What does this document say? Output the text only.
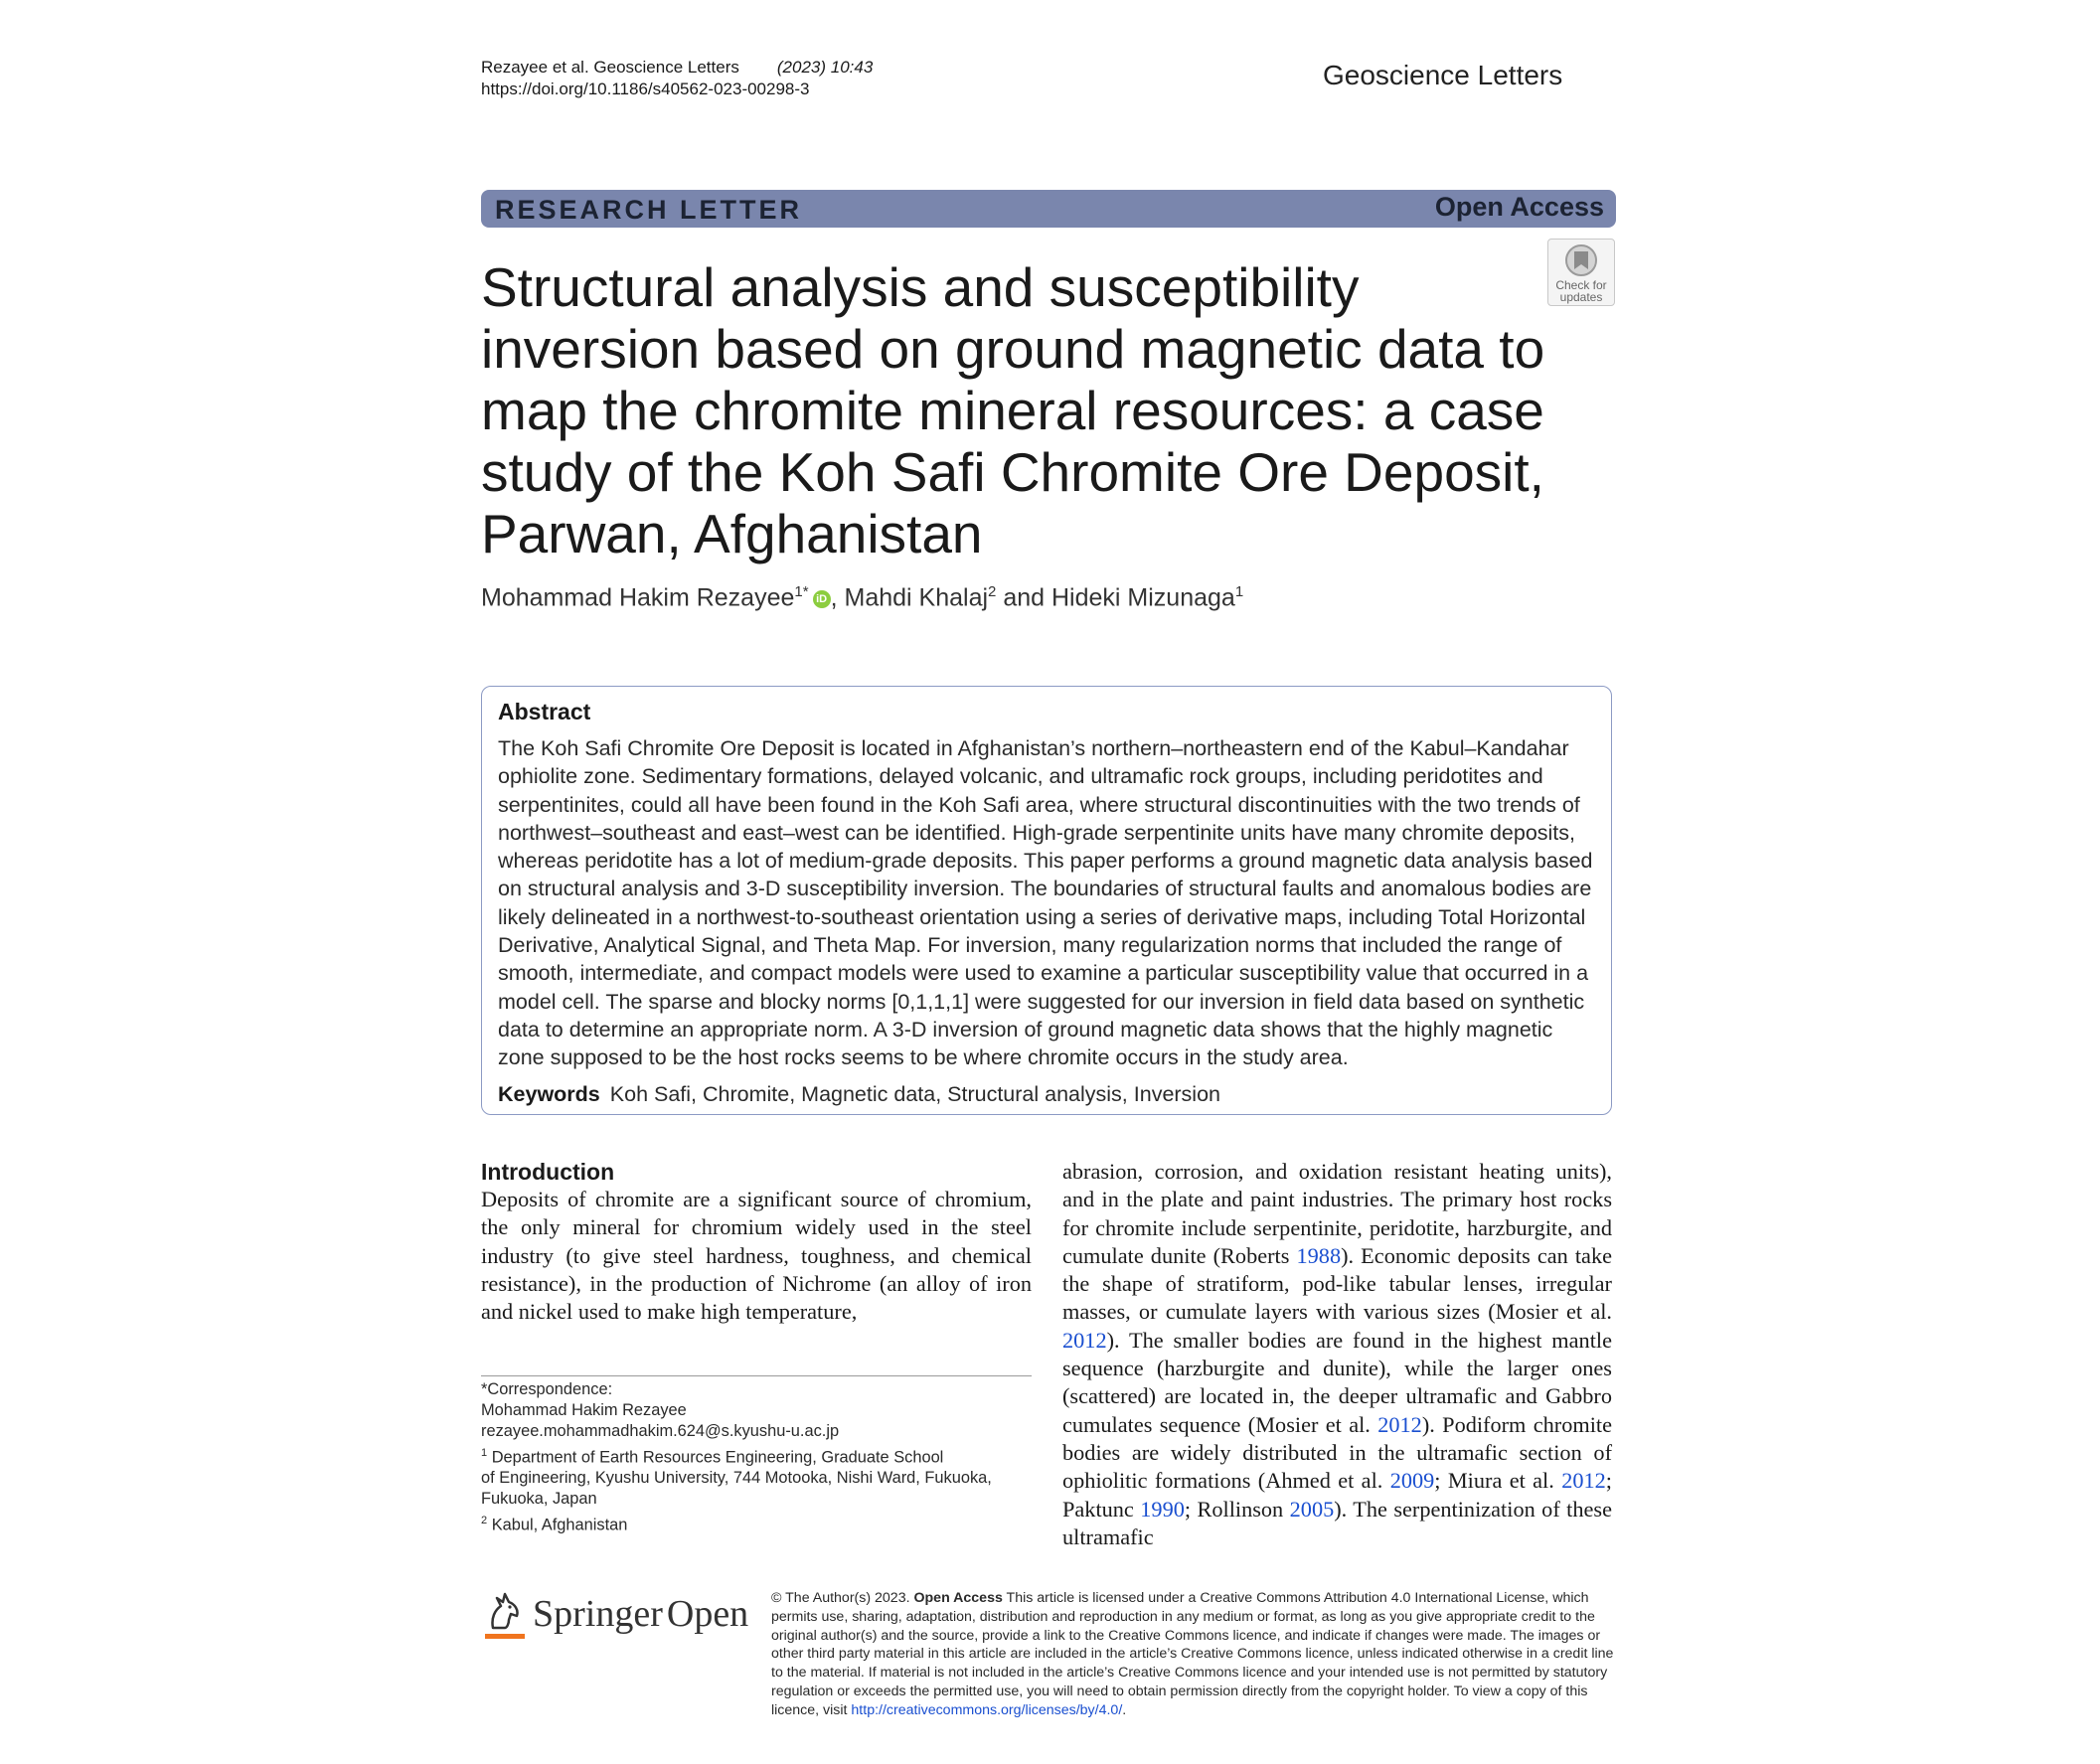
Rezayee et al. Geoscience Letters (2023) 10:43
https://doi.org/10.1186/s40562-023-00298-3	Geoscience Letters
RESEARCH LETTER	Open Access
Check for
updates
Structural analysis and susceptibility inversion based on ground magnetic data to map the chromite mineral resources: a case study of the Koh Safi Chromite Ore Deposit, Parwan, Afghanistan
Mohammad Hakim Rezayee$^{1*}$ iD , Mahdi Khalaj$^2$ and Hideki Mizunaga$^1$
Abstract

The Koh Safi Chromite Ore Deposit is located in Afghanistan’s northern–northeastern end of the Kabul–Kandahar ophiolite zone. Sedimentary formations, delayed volcanic, and ultramafic rock groups, including peridotites and serpentinites, could all have been found in the Koh Safi area, where structural discontinuities with the two trends of northwest–southeast and east–west can be identified. High-grade serpentinite units have many chromite deposits, whereas peridotite has a lot of medium-grade deposits. This paper performs a ground magnetic data analysis based on structural analysis and 3-D susceptibility inversion. The boundaries of structural faults and anomalous bodies are likely delineated in a northwest-to-southeast orientation using a series of derivative maps, including Total Horizontal Derivative, Analytical Signal, and Theta Map. For inversion, many regularization norms that included the range of smooth, intermediate, and compact models were used to examine a particular susceptibility value that occurred in a model cell. The sparse and blocky norms [0,1,1,1] were suggested for our inversion in field data based on synthetic data to determine an appropriate norm. A 3-D inversion of ground magnetic data shows that the highly magnetic zone supposed to be the host rocks seems to be where chromite occurs in the study area.

Keywords Koh Safi, Chromite, Magnetic data, Structural analysis, Inversion
Introduction

Deposits of chromite are a significant source of chromium, the only mineral for chromium widely used in the steel industry (to give steel hardness, toughness, and chemical resistance), in the production of Nichrome (an alloy of iron and nickel used to make high temperature,

abrasion, corrosion, and oxidation resistant heating units), and in the plate and paint industries. The primary host rocks for chromite include serpentinite, peridotite, harzburgite, and cumulate dunite (Roberts 1988). Economic deposits can take the shape of stratiform, pod-like tabular lenses, irregular masses, or cumulate layers with various sizes (Mosier et al. 2012). The smaller bodies are found in the highest mantle sequence (harzburgite and dunite), while the larger ones (scattered) are located in, the deeper ultramafic and Gabbro cumulates sequence (Mosier et al. 2012). Podiform chromite bodies are widely distributed in the ultramafic section of ophiolitic formations (Ahmed et al. 2009; Miura et al. 2012; Paktunc 1990; Rollinson 2005). The serpentinization of these ultramafic

*Correspondence:
Mohammad Hakim Rezayee
rezayee.mohammadhakim.624@s.kyushu-u.ac.jp
$^1$ Department of Earth Resources Engineering, Graduate School
of Engineering, Kyushu University, 744 Motooka, Nishi Ward, Fukuoka,
Fukuoka, Japan
$^2$ Kabul, Afghanistan
Springer Open © The Author(s) 2023. Open Access This article is licensed under a Creative Commons Attribution 4.0 International License, which
permits use, sharing, adaptation, distribution and reproduction in any medium or format, as long as you give appropriate credit to the
original author(s) and the source, provide a link to the Creative Commons licence, and indicate if changes were made. The images or
other third party material in this article are included in the article’s Creative Commons licence, unless indicated otherwise in a credit line
to the material. If material is not included in the article’s Creative Commons licence and your intended use is not permitted by statutory
regulation or exceeds the permitted use, you will need to obtain permission directly from the copyright holder. To view a copy of this
licence, visit http://creativecommons.org/licenses/by/4.0/.
